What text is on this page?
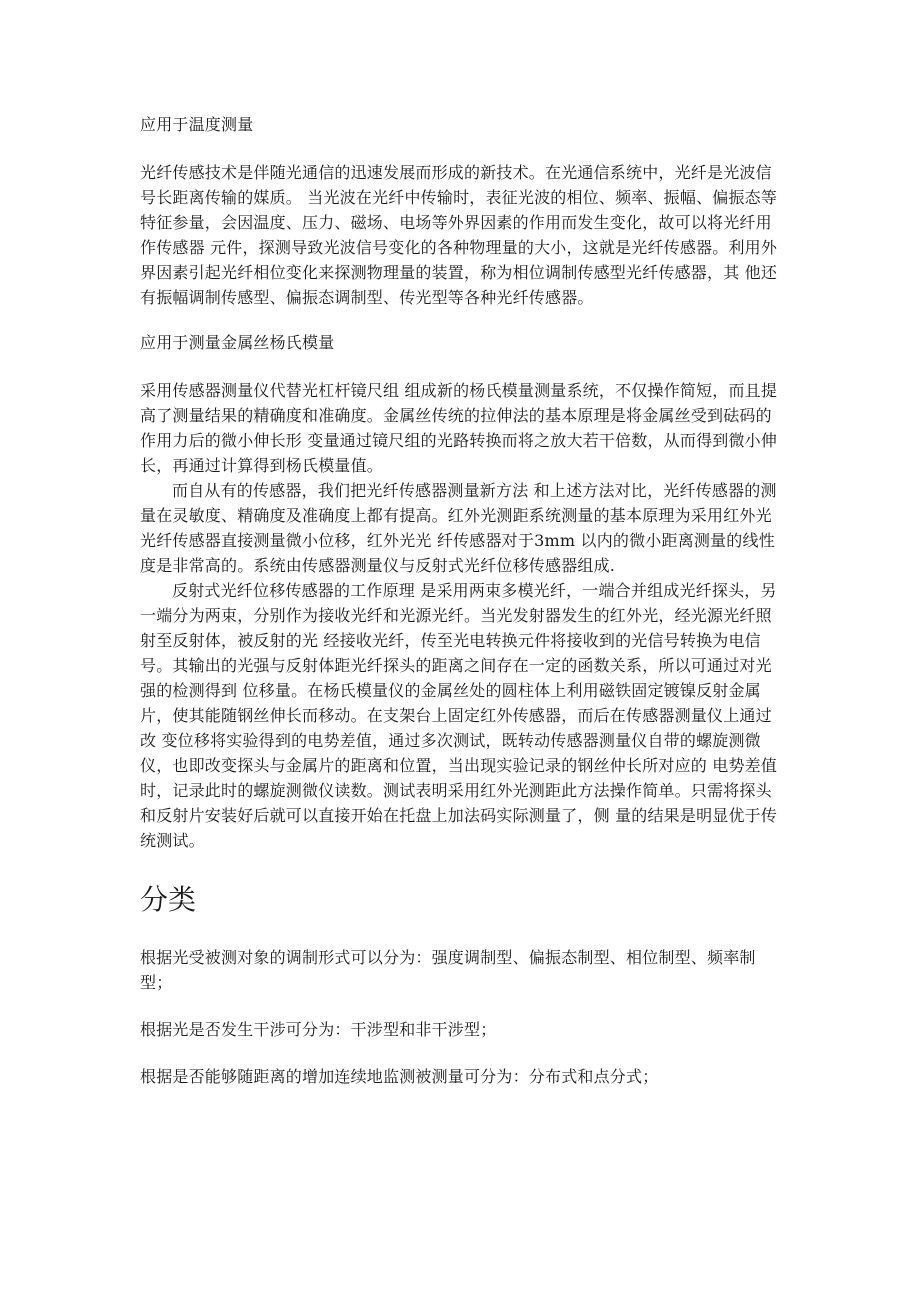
应用于温度测量

光纤传感技术是伴随光通信的迅速发展而形成的新技术。在光通信系统中，光纤是光波信号长距离传输的媒质。 当光波在光纤中传输时，表征光波的相位、频率、振幅、偏振态等特征参量，会因温度、压力、磁场、电场等外界因素的作用而发生变化，故可以将光纤用作传感器 元件，探测导致光波信号变化的各种物理量的大小，这就是光纤传感器。利用外界因素引起光纤相位变化来探测物理量的装置，称为相位调制传感型光纤传感器，其 他还有振幅调制传感型、偏振态调制型、传光型等各种光纤传感器。

应用于测量金属丝杨氏模量

采用传感器测量仪代替光杠杆镜尺组 组成新的杨氏模量测量系统，不仅操作简短，而且提高了测量结果的精确度和准确度。金属丝传统的拉伸法的基本原理是将金属丝受到砝码的作用力后的微小伸长形 变量通过镜尺组的光路转换而将之放大若干倍数，从而得到微小伸长，再通过计算得到杨氏模量值。

而自从有的传感器，我们把光纤传感器测量新方法 和上述方法对比，光纤传感器的测量在灵敏度、精确度及准确度上都有提高。红外光测距系统测量的基本原理为采用红外光光纤传感器直接测量微小位移，红外光光 纤传感器对于3mm 以内的微小距离测量的线性度是非常高的。系统由传感器测量仪与反射式光纤位移传感器组成.

反射式光纤位移传感器的工作原理 是采用两束多模光纤，一端合并组成光纤探头，另一端分为两束，分别作为接收光纤和光源光纤。当光发射器发生的红外光，经光源光纤照射至反射体，被反射的光 经接收光纤，传至光电转换元件将接收到的光信号转换为电信号。其输出的光强与反射体距光纤探头的距离之间存在一定的函数关系，所以可通过对光强的检测得到 位移量。在杨氏模量仪的金属丝处的圆柱体上利用磁铁固定镀镍反射金属片，使其能随钢丝伸长而移动。在支架台上固定红外传感器，而后在传感器测量仪上通过改 变位移将实验得到的电势差值，通过多次测试，既转动传感器测量仪自带的螺旋测微仪，也即改变探头与金属片的距离和位置，当出现实验记录的钢丝仲长所对应的 电势差值时，记录此时的螺旋测微仪读数。测试表明采用红外光测距此方法操作简单。只需将探头和反射片安装好后就可以直接开始在托盘上加法码实际测量了，侧 量的结果是明显优于传统测试。

分类

根据光受被测对象的调制形式可以分为：强度调制型、偏振态制型、相位制型、频率制型；

根据光是否发生干涉可分为：干涉型和非干涉型；

根据是否能够随距离的增加连续地监测被测量可分为：分布式和点分式；
